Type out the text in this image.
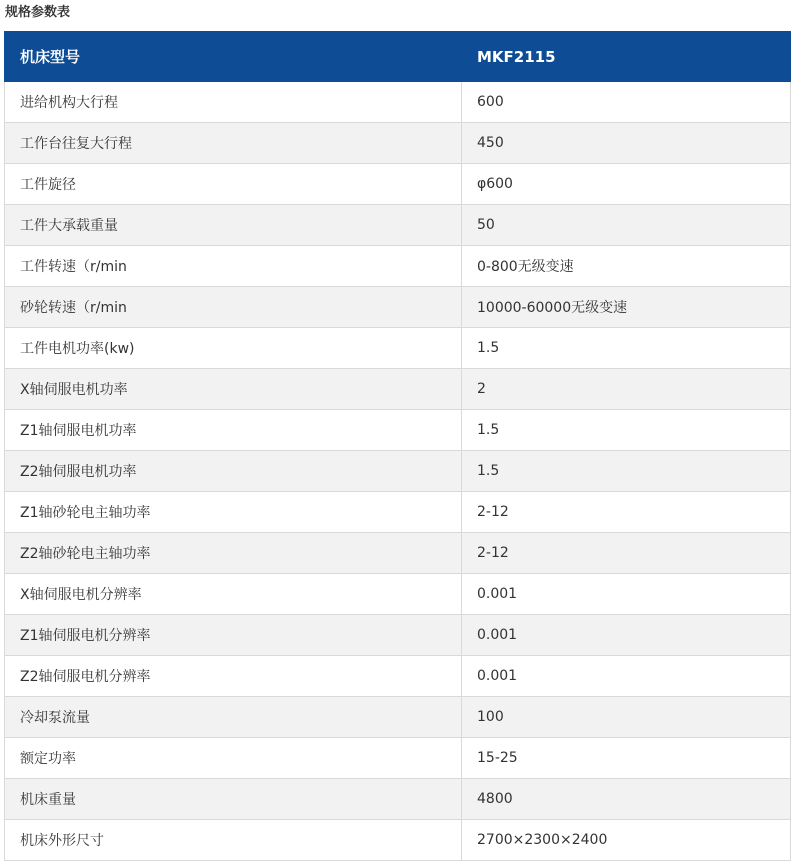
规格参数表
机床型号	MKF2115
进给机构大行程	600
工作台往复大行程	450
工件旋径	φ600
工件大承载重量	50
工件转速（r/min	0-800无级变速
砂轮转速（r/min	10000-60000无级变速
工件电机功率(kw)	1.5
X轴伺服电机功率	2
Z1轴伺服电机功率	1.5
Z2轴伺服电机功率	1.5
Z1轴砂轮电主轴功率	2-12
Z2轴砂轮电主轴功率	2-12
X轴伺服电机分辨率	0.001
Z1轴伺服电机分辨率	0.001
Z2轴伺服电机分辨率	0.001
冷却泵流量	100
额定功率	15-25
机床重量	4800
机床外形尺寸	2700×2300×2400
